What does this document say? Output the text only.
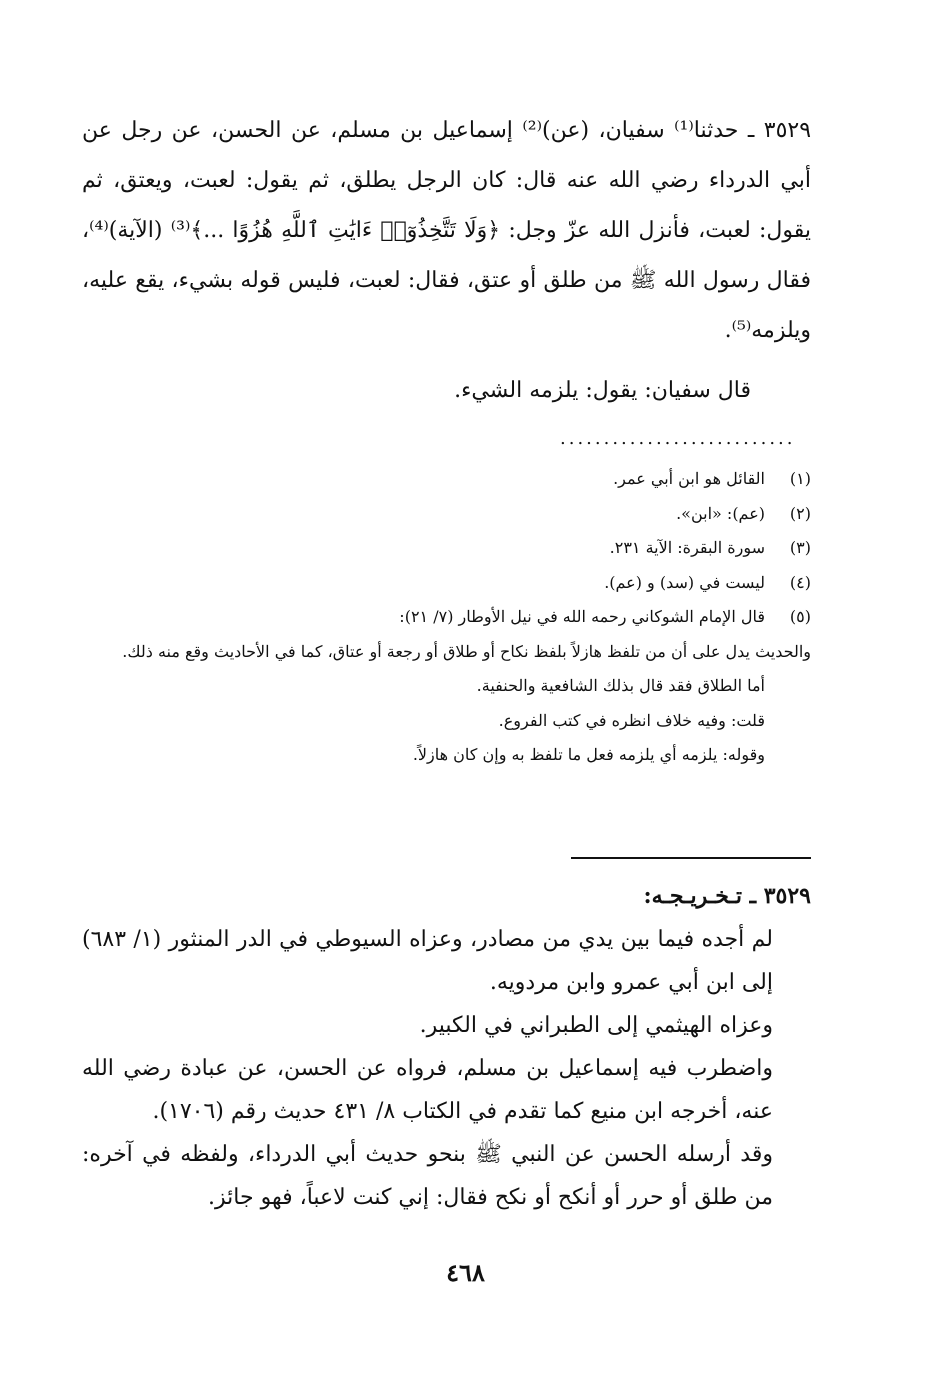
٣٥٢٩ ـ حدثنا⁽¹⁾ سفيان، (عن)⁽²⁾ إسماعيل بن مسلم، عن الحسن، عن رجل عن أبي الدرداء رضي الله عنه قال: كان الرجل يطلق، ثم يقول: لعبت، ويعتق، ثم يقول: لعبت، فأنزل الله عزّ وجل: ﴿وَلَا تَتَّخِذُوٓا۟ ءَايَٰتِ ٱللَّهِ هُزُوًا ...﴾⁽³⁾ (الآية)⁽⁴⁾، فقال رسول الله ﷺ من طلق أو عتق، فقال: لعبت، فليس قوله بشيء، يقع عليه، ويلزمه⁽⁵⁾.

قال سفيان: يقول: يلزمه الشيء.
...........................
(١)
القائل هو ابن أبي عمر.
(٢)
(عم): «ابن».
(٣)
سورة البقرة: الآية ٢٣١.
(٤)
ليست في (سد) و (عم).
(٥)
قال الإمام الشوكاني رحمه الله في نيل الأوطار (٧/ ٢١):
والحديث يدل على أن من تلفظ هازلاً بلفظ نكاح أو طلاق أو رجعة أو عتاق، كما في الأحاديث وقع منه ذلك.
أما الطلاق فقد قال بذلك الشافعية والحنفية.
قلت: وفيه خلاف انظره في كتب الفروع.
وقوله: يلزمه أي يلزمه فعل ما تلفظ به وإن كان هازلاً.

٣٥٢٩ ـ تـخـريـجـه:

لم أجده فيما بين يدي من مصادر، وعزاه السيوطي في الدر المنثور (١/ ٦٨٣) إلى ابن أبي عمرو وابن مردويه.

وعزاه الهيثمي إلى الطبراني في الكبير.

واضطرب فيه إسماعيل بن مسلم، فرواه عن الحسن، عن عبادة رضي الله عنه، أخرجه ابن منيع كما تقدم في الكتاب ٨/ ٤٣١ حديث رقم (١٧٠٦).

وقد أرسله الحسن عن النبي ﷺ بنحو حديث أبي الدرداء، ولفظه في آخره: من طلق أو حرر أو أنكح أو نكح فقال: إني كنت لاعباً، فهو جائز.

٤٦٨
